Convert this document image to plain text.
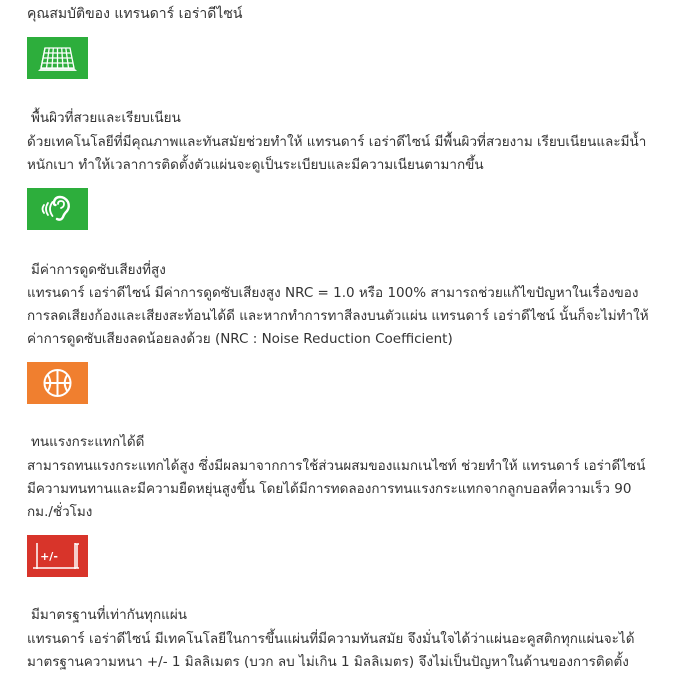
คุณสมบัติของ แทรนดาร์ เอร่าดีไซน์
พื้นผิวที่สวยและเรียบเนียน

ด้วยเทคโนโลยีที่มีคุณภาพและทันสมัยช่วยทำให้ แทรนดาร์ เอร่าดีไซน์ มีพื้นผิวที่สวยงาม เรียบเนียนและมีน้ำหนักเบา ทำให้เวลาการติดตั้งตัวแผ่นจะดูเป็นระเบียบและมีความเนียนตามากขึ้น

มีค่าการดูดซับเสียงที่สูง

แทรนดาร์ เอร่าดีไซน์ มีค่าการดูดซับเสียงสูง NRC = 1.0 หรือ 100% สามารถช่วยแก้ไขปัญหาในเรื่องของการลดเสียงก้องและเสียงสะท้อนได้ดี และหากทำการทาสีลงบนตัวแผ่น แทรนดาร์ เอร่าดีไซน์ นั้นก็จะไม่ทำให้ค่าการดูดซับเสียงลดน้อยลงด้วย (NRC : Noise Reduction Coefficient)

ทนแรงกระแทกได้ดี

สามารถทนแรงกระแทกได้สูง ซึ่งมีผลมาจากการใช้ส่วนผสมของแมกเนไซท์ ช่วยทำให้ แทรนดาร์ เอร่าดีไซน์ มีความทนทานและมีความยืดหยุ่นสูงขึ้น โดยได้มีการทดลองการทนแรงกระแทกจากลูกบอลที่ความเร็ว 90 กม./ชั่วโมง

+/-
มีมาตรฐานที่เท่ากันทุกแผ่น

แทรนดาร์ เอร่าดีไซน์ มีเทคโนโลยีในการขึ้นแผ่นที่มีความทันสมัย จึงมั่นใจได้ว่าแผ่นอะคูสติกทุกแผ่นจะได้มาตรฐานความหนา +/- 1 มิลลิเมตร (บวก ลบ ไม่เกิน 1 มิลลิเมตร) จึงไม่เป็นปัญหาในด้านของการติดตั้ง
